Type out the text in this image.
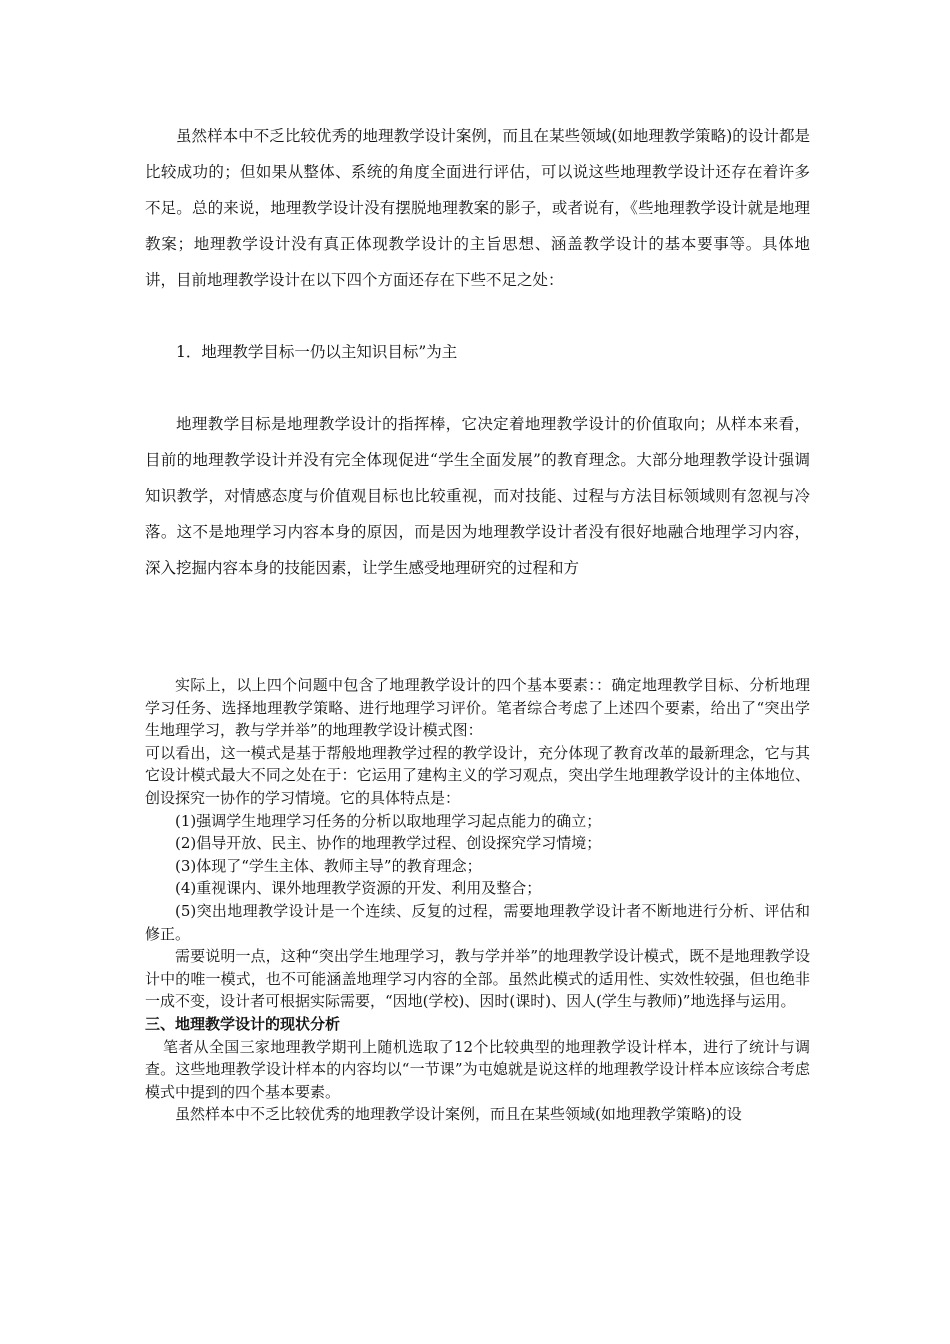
虽然样本中不乏比较优秀的地理教学设计案例，而且在某些领域(如地理教学策略)的设计都是比较成功的；但如果从整体、系统的角度全面进行评估，可以说这些地理教学设计还存在着许多不足。总的来说，地理教学设计没有摆脱地理教案的影子，或者说有，《些地理教学设计就是地理教案；地理教学设计没有真正体现教学设计的主旨思想、涵盖教学设计的基本要事等。具体地讲，目前地理教学设计在以下四个方面还存在下些不足之处：

1．地理教学目标一仍以主知识目标”为主

地理教学目标是地理教学设计的指挥棒，它决定着地理教学设计的价值取向；从样本来看，目前的地理教学设计并没有完全体现促进“学生全面发展”的教育理念。大部分地理教学设计强调知识教学，对情感态度与价值观目标也比较重视，而对技能、过程与方法目标领域则有忽视与冷落。这不是地理学习内容本身的原因，而是因为地理教学设计者没有很好地融合地理学习内容，深入挖掘内容本身的技能因素，让学生感受地理研究的过程和方

实际上，以上四个问题中包含了地理教学设计的四个基本要素：：确定地理教学目标、分析地理学习任务、选择地理教学策略、进行地理学习评价。笔者综合考虑了上述四个要素，给出了“突出学生地理学习，教与学并举”的地理教学设计模式图：

可以看出，这一模式是基于帮般地理教学过程的教学设计，充分体现了教育改革的最新理念，它与其它设计模式最大不同之处在于：它运用了建构主义的学习观点，突出学生地理教学设计的主体地位、创设探究一协作的学习情境。它的具体特点是：

(1)强调学生地理学习任务的分析以取地理学习起点能力的确立；

(2)倡导开放、民主、协作的地理教学过程、创设探究学习情境；

(3)体现了“学生主体、教师主导”的教育理念；

(4)重视课内、课外地理教学资源的开发、利用及整合；

(5)突出地理教学设计是一个连续、反复的过程，需要地理教学设计者不断地进行分析、评估和修正。

需要说明一点，这种“突出学生地理学习，教与学并举”的地理教学设计模式，既不是地理教学设计中的唯一模式，也不可能涵盖地理学习内容的全部。虽然此模式的适用性、实效性较强，但也绝非一成不变，设计者可根据实际需要，“因地(学校)、因时(课时)、因人(学生与教师)”地选择与运用。

三、地理教学设计的现状分析

笔者从全国三家地理教学期刊上随机选取了12个比较典型的地理教学设计样本，进行了统计与调查。这些地理教学设计样本的内容均以“一节课”为屯媳就是说这样的地理教学设计样本应该综合考虑模式中提到的四个基本要素。

虽然样本中不乏比较优秀的地理教学设计案例，而且在某些领域(如地理教学策略)的设
